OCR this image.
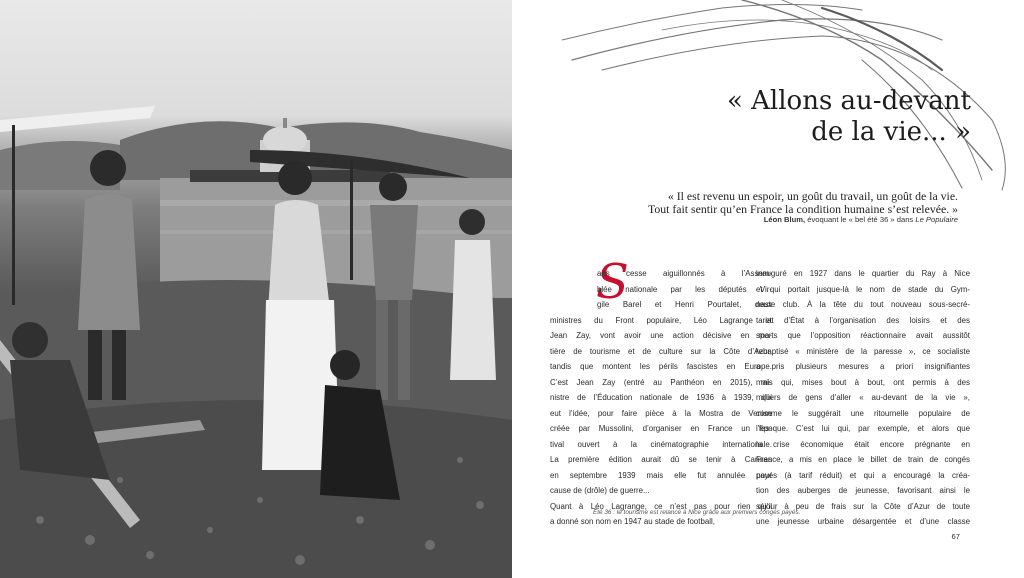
« Allons au-devant
de la vie... »
« Il est revenu un espoir, un goût du travail, un goût de la vie.
Tout fait sentir qu’en France la condition humaine s’est relevée. »
Léon Blum, évoquant le « bel été 36 » dans Le Populaire
S
ans cesse aiguillonnés à l’Assem-
blée nationale par les députés Vir-
gile Barel et Henri Pourtalet, deux
ministres du Front populaire, Léo Lagrange et
Jean Zay, vont avoir une action décisive en ma-
tière de tourisme et de culture sur la Côte d’Azur,
tandis que montent les périls fascistes en Europe.
C’est Jean Zay (entré au Panthéon en 2015), mi-
nistre de l’Éducation nationale de 1936 à 1939, qui
eut l’idée, pour faire pièce à la Mostra de Venise
créée par Mussolini, d’organiser en France un fes-
tival ouvert à la cinématographie internationale.
La première édition aurait dû se tenir à Cannes
en septembre 1939 mais elle fut annulée pour
cause de (drôle) de guerre...
Quant à Léo Lagrange, ce n’est pas pour rien qu’il
a donné son nom en 1947 au stade de football,
inauguré en 1927 dans le quartier du Ray à Nice
et qui portait jusque-là le nom de stade du Gym-
naste club. À la tête du tout nouveau sous-secré-
tariat d’État à l’organisation des loisirs et des
sports que l’opposition réactionnaire avait aussitôt
rebaptisé « ministère de la paresse », ce socialiste
a pris plusieurs mesures a priori insignifiantes
mais qui, mises bout à bout, ont permis à des
milliers de gens d’aller « au-devant de la vie »,
comme le suggérait une ritournelle populaire de
l’époque. C’est lui qui, par exemple, et alors que
la crise économique était encore prégnante en
France, a mis en place le billet de train de congés
payés (à tarif réduit) et qui a encouragé la créa-
tion des auberges de jeunesse, favorisant ainsi le
séjour à peu de frais sur la Côte d’Azur de toute
une jeunesse urbaine désargentée et d’une classe
Été 36 : le tourisme est relancé à Nice grâce aux premiers congés payés.
67
